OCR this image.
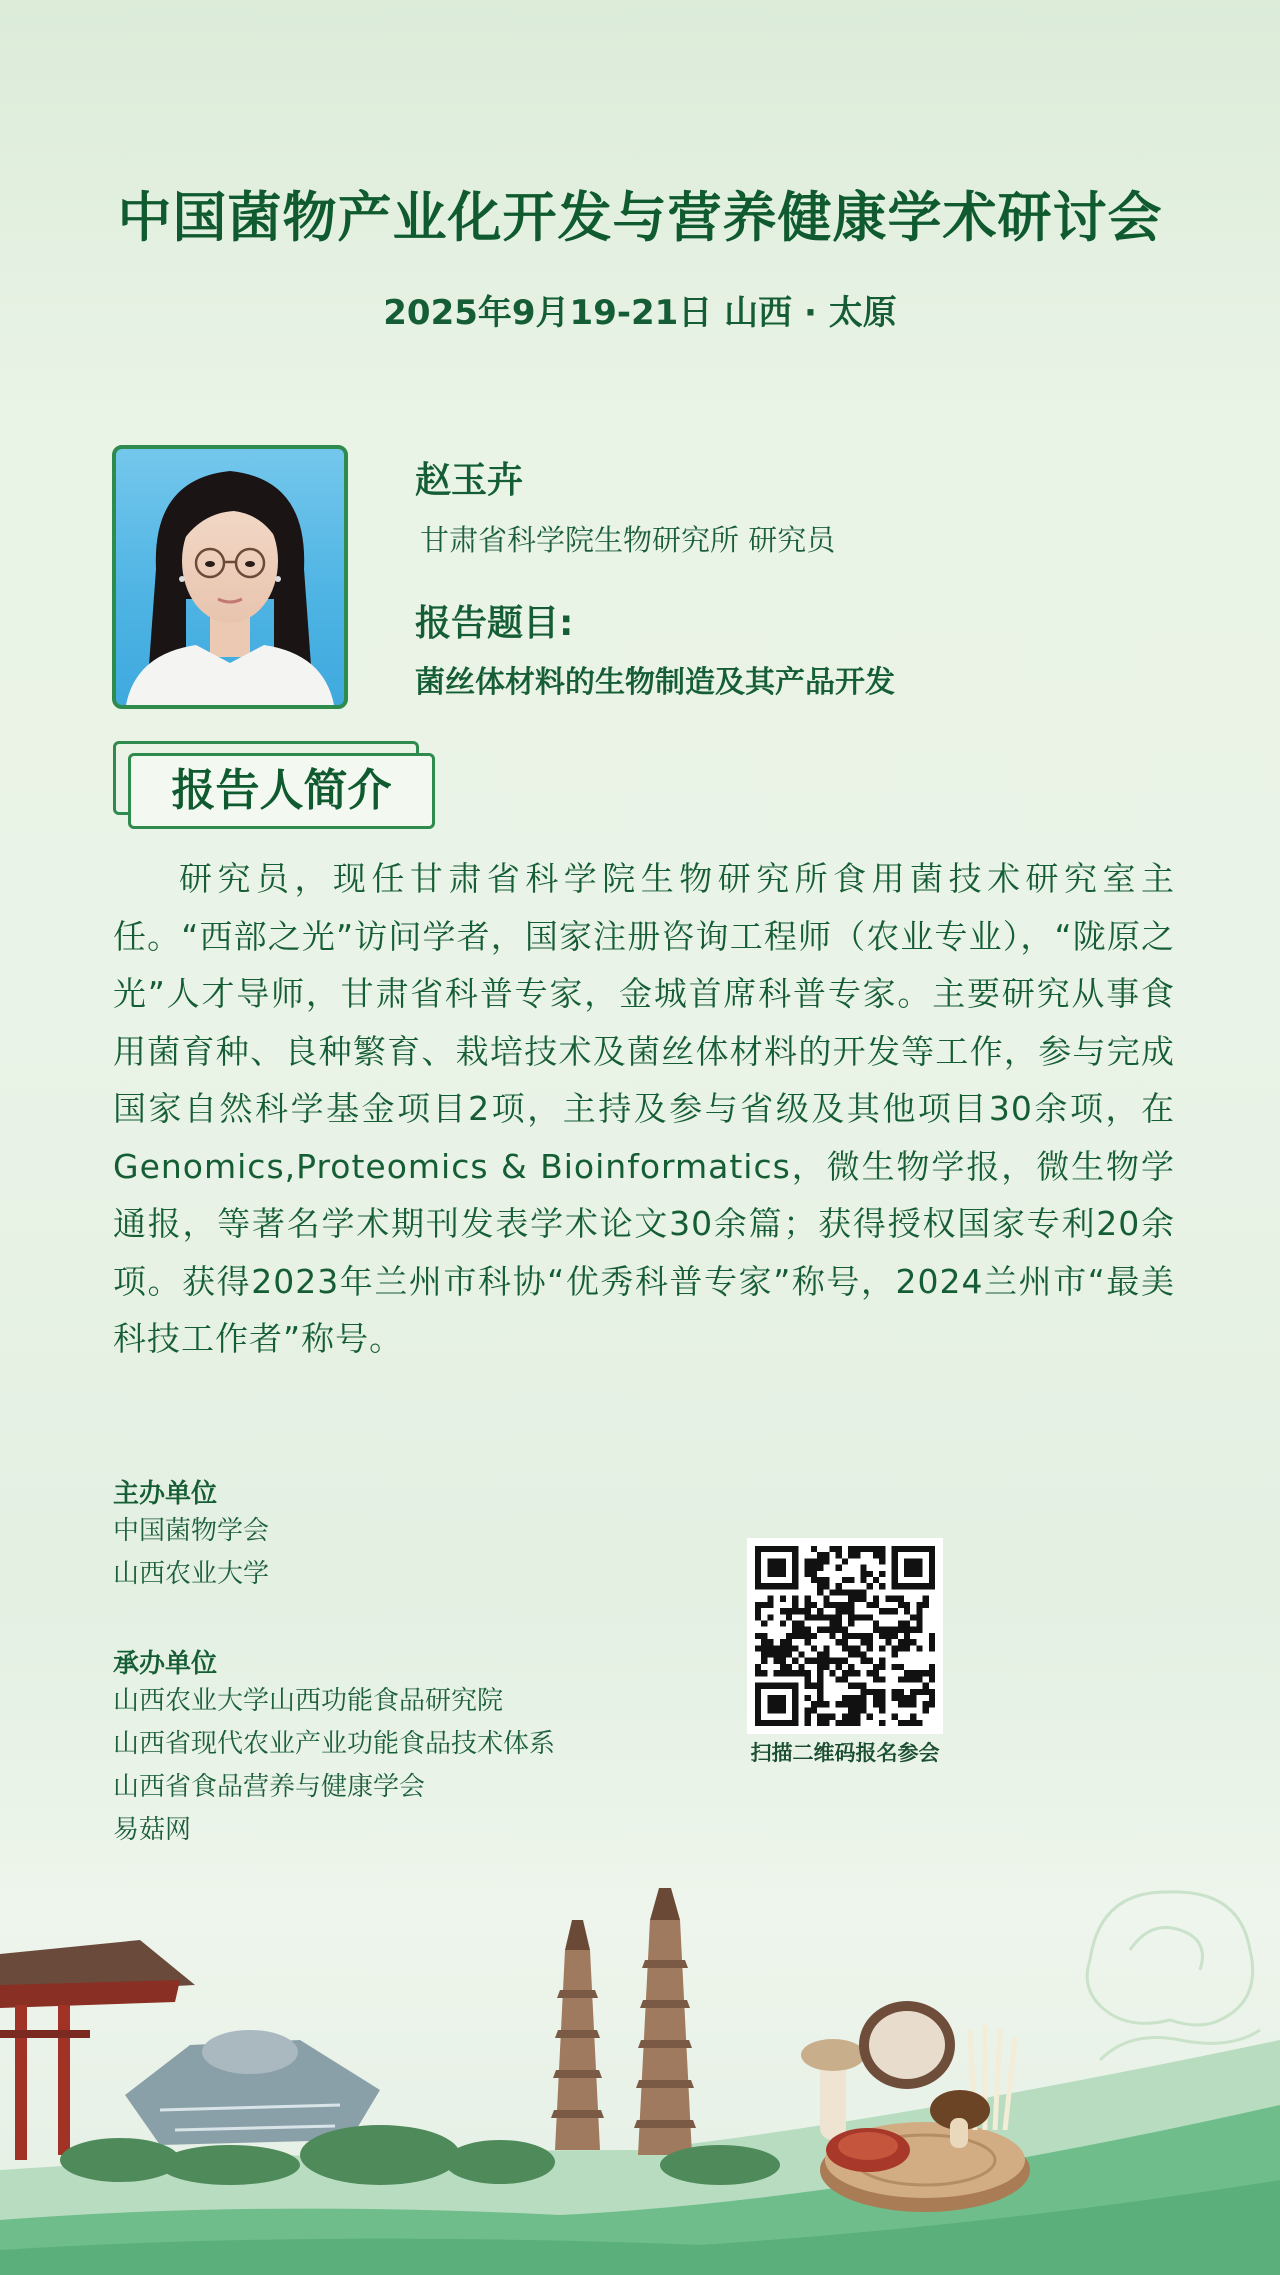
中国菌物产业化开发与营养健康学术研讨会
2025年9月19-21日 山西 · 太原
赵玉卉
甘肃省科学院生物研究所 研究员
报告题目:
菌丝体材料的生物制造及其产品开发
报告人简介

研究员，现任甘肃省科学院生物研究所食用菌技术研究室主任。“西部之光”访问学者，国家注册咨询工程师（农业专业），“陇原之光”人才导师，甘肃省科普专家，金城首席科普专家。主要研究从事食用菌育种、良种繁育、栽培技术及菌丝体材料的开发等工作，参与完成国家自然科学基金项目2项，主持及参与省级及其他项目30余项，在Genomics,Proteomics & Bioinformatics，微生物学报，微生物学通报，等著名学术期刊发表学术论文30余篇；获得授权国家专利20余项。获得2023年兰州市科协“优秀科普专家”称号，2024兰州市“最美科技工作者”称号。

主办单位
中国菌物学会
山西农业大学
承办单位
山西农业大学山西功能食品研究院
山西省现代农业产业功能食品技术体系
山西省食品营养与健康学会
易菇网
扫描二维码报名参会
